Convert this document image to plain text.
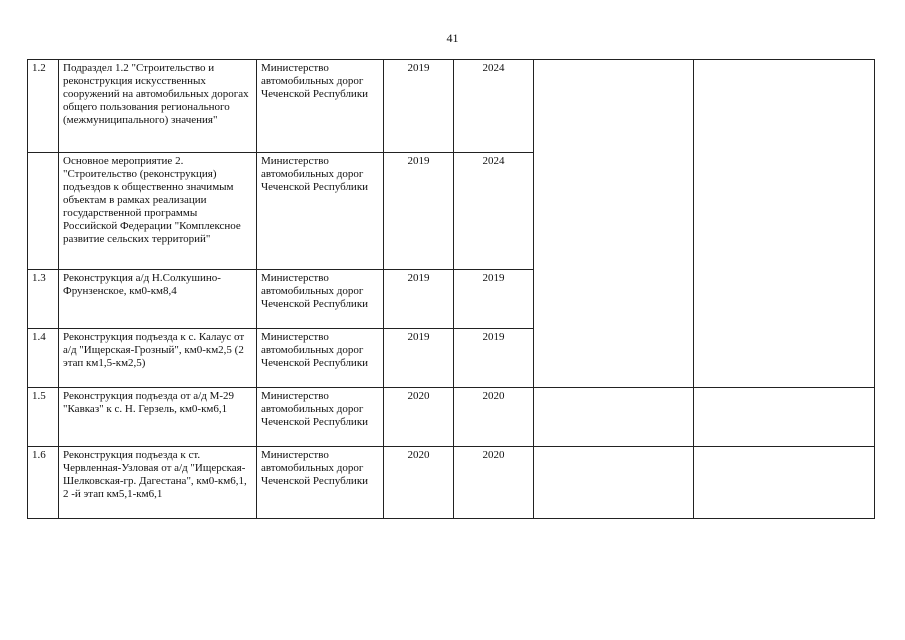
41
1.2	Подраздел 1.2 "Строительство и реконструкция искусственных сооружений на автомобильных дорогах общего пользования регионального (межмуниципального) значения"	Министерство автомобильных дорог Чеченской Республики	2019	2024		
	Основное мероприятие 2. "Строительство (реконструкция) подъездов к общественно значимым объектам в рамках реализации государственной программы Российской Федерации "Комплексное развитие сельских территорий"	Министерство автомобильных дорог Чеченской Республики	2019	2024		
1.3	Реконструкция а/д Н.Солкушино-Фрунзенское, км0-км8,4	Министерство автомобильных дорог Чеченской Республики	2019	2019		
1.4	Реконструкция подъезда к с. Калаус от а/д "Ищерская-Грозный", км0-км2,5 (2 этап км1,5-км2,5)	Министерство автомобильных дорог Чеченской Республики	2019	2019		
1.5	Реконструкция подъезда от а/д М-29 "Кавказ" к с. Н. Герзель, км0-км6,1	Министерство автомобильных дорог Чеченской Республики	2020	2020		
1.6	Реконструкция подъезда к ст. Червленная-Узловая от а/д "Ищерская-Шелковская-гр. Дагестана", км0-км6,1, 2 -й этап км5,1-км6,1	Министерство автомобильных дорог Чеченской Республики	2020	2020		
